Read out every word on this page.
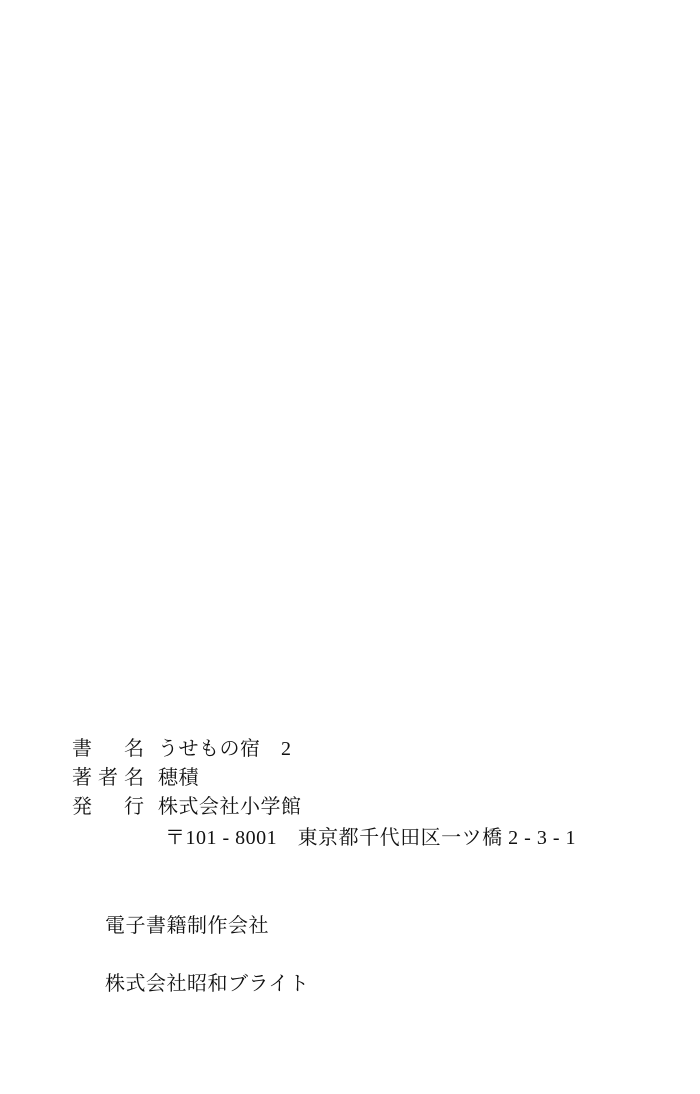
書　名 うせもの宿　2
著者名 穂積
発　行 株式会社小学館
〒101 - 8001　東京都千代田区一ツ橋 2 - 3 - 1

電子書籍制作会社

株式会社昭和ブライト
